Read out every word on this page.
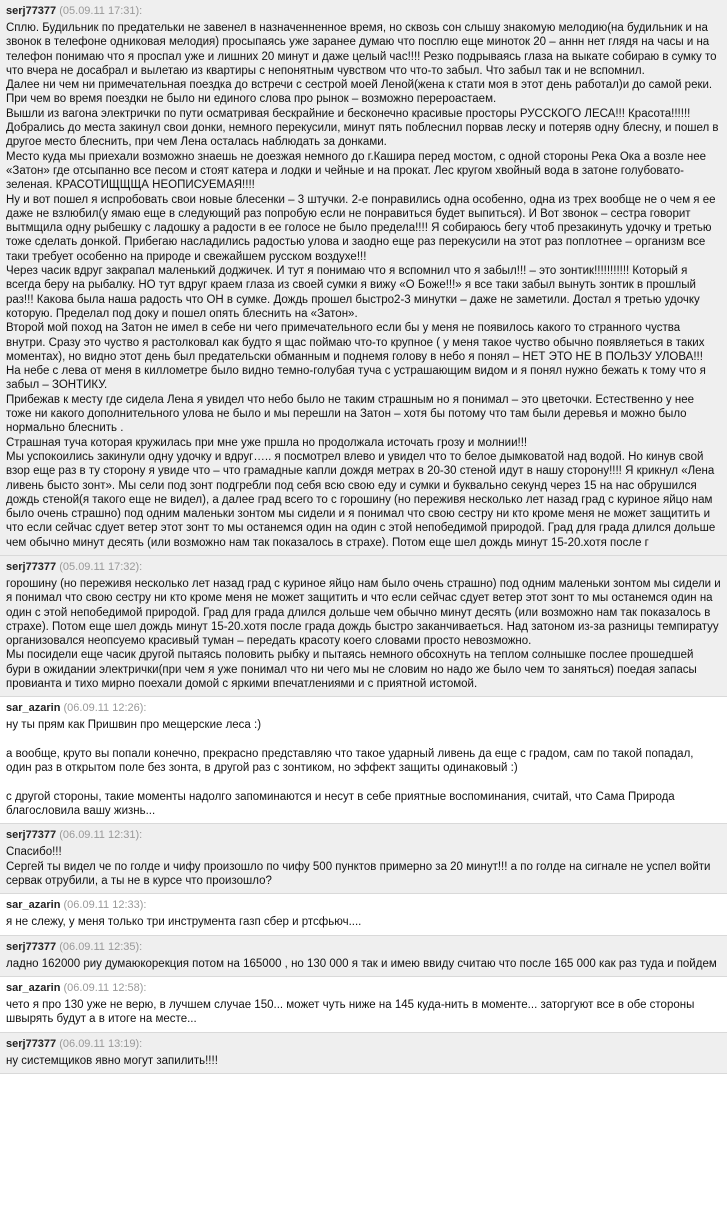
serj77377 (05.09.11 17:31):

Сплю. Будильник по предательки не завенел в назначенненное время, но сквозь сон слышу знакомую мелодию(на будильник и на звонок в телефоне одниковая мелодия) просыпаясь уже заранее думаю что посплю еще миноток 20 – аннн нет глядя на часы и на телефон понимаю что я проспал уже и лишних 20 минут и даже целый час!!!! Резко подрываясь глаза на выкате собираю в сумку то что вчера не досабрал и вылетаю из квартиры с непонятным чувством что что-то забыл. Что забыл так и не вспомнил.

Далее ни чем ни примечательная поездка до встречи с сестрой моей Леной(жена к стати моя в этот день работал)и до самой реки. При чем во время поездки не было ни единого слова про рынок – возможно перероастаем.

Вышли из вагона электрички по пути осматривая бескрайние и бесконечно красивые просторы РУССКОГО ЛЕСА!!! Красота!!!!!!

Добрались до места закинул свои донки, немного перекусили, минут пять поблеснил порвав леску и потеряв одну блесну, и пошел в другое место блеснить, при чем Лена осталась наблюдать за донками.

Место куда мы приехали возможно знаешь не доезжая немного до г.Кашира перед мостом, с одной стороны Река Ока а возле нее «Затон» где отсыпанно все песом и стоят катера и лодки и чейные и на прокат. Лес кругом хвойный вода в затоне голубовато-зеленая. КРАСОТИЩЩЩА НЕОПИСУЕМАЯ!!!!

Ну и вот пошел я испробовать свои новые блесенки – 3 штучки. 2-е понравились одна особенно, одна из трех вообще не о чем я ее даже не взлюбил(у ямаю еще в следующий раз попробую если не понравиться будет выпиться). И Вот звонок – сестра говорит вытмщила одну рыбешку с ладошку а радости в ее голосе не было предела!!!! Я собираюсь бегу чтоб презакинуть удочку и третью тоже сделать донкой. Прибегаю насладились радостью улова и заодно еще раз перекусили на этот раз поплотнее – организм все таки требует особенно на природе и свежайшем русском воздухе!!!

Через часик вдруг закрапал маленький доджичек. И тут я понимаю что я вспомнил что я забыл!!! – это зонтик!!!!!!!!!!! Который я всегда беру на рыбалку. НО тут вдруг краем глаза из своей сумки я вижу «О Боже!!!» я все таки забыл вынуть зонтик в прошлый раз!!! Какова была наша радость что ОН в сумке. Дождь прошел быстро2-3 минутки – даже не заметили. Достал я третью удочку которую. Пределал под доку и пошел опять блеснить на «Затон».

Второй мой поход на Затон не имел в себе ни чего примечательного если бы у меня не появилось какого то странного чуства внутри. Сразу это чуство я растолковал как будто я щас поймаю что-то крупное ( у меня такое чуство обычно появляеться в таких моментах), но видно этот день был предательски обманным и поднемя голову в небо я понял – НЕТ ЭТО НЕ В ПОЛЬЗУ УЛОВА!!!

На небе с лева от меня в киллометре было видно темно-голубая туча с устрашающим видом и я понял нужно бежать к тому что я забыл – ЗОНТИКУ.

Прибежав к месту где сидела Лена я увидел что небо было не таким страшным но я понимал – это цветочки. Естественно у нее тоже ни какого дополнительного улова не было и мы перешли на Затон – хотя бы потому что там были деревья и можно было нормально блеснить .

Страшная туча которая кружилась при мне уже пршла но продолжала источать грозу и молнии!!!

Мы успокоились закинули одну удочку и вдруг….. я посмотрел влево и увидел что то белое дымковатой над водой. Но кинув свой взор еще раз в ту сторону я увиде что – что грамадные капли дождя метрах в 20-30 стеной идут в нашу сторону!!!! Я крикнул «Лена ливень бысто зонт». Мы сели под зонт подгребли под себя всю свою еду и сумки и буквально секунд через 15 на нас обрушился дождь стеной(я такого еще не видел), а далее град всего то с горошину (но переживя несколько лет назад град с куриное яйцо нам было очень страшно) под одним маленьки зонтом мы сидели и я понимал что свою сестру ни кто кроме меня не может защитить и что если сейчас сдует ветер этот зонт то мы останемся один на один с этой непобедимой природой. Град для града длился дольше чем обычно минут десять (или возможно нам так показалось в страхе). Потом еще шел дождь минут 15-20.хотя после г

serj77377 (05.09.11 17:32):

горошину (но переживя несколько лет назад град с куриное яйцо нам было очень страшно) под одним маленьки зонтом мы сидели и я понимал что свою сестру ни кто кроме меня не может защитить и что если сейчас сдует ветер этот зонт то мы останемся один на один с этой непобедимой природой. Град для града длился дольше чем обычно минут десять (или возможно нам так показалось в страхе). Потом еще шел дождь минут 15-20.хотя после града дождь быстро заканчиваеться. Над затоном из-за разницы темпиратуу организовался неопсуемо красивый туман – передать красоту коего словами просто невозможно.

Мы посидели еще часик другой пытаясь половить рыбку и пытаясь немного обсохнуть на теплом солнышке послее прошедшей бури в ожидании электрички(при чем я уже понимал что ни чего мы не словим но надо же было чем то заняться) поедая запасы провианта и тихо мирно поехали домой с яркими впечатлениями и с приятной истомой.

sar_azarin (06.09.11 12:26):

ну ты прям как Пришвин про мещерские леса :)

а вообще, круто вы попали конечно, прекрасно представляю что такое ударный ливень да еще с градом, сам по такой попадал, один раз в открытом поле без зонта, в другой раз с зонтиком, но эффект защиты одинаковый :)

с другой стороны, такие моменты надолго запоминаются и несут в себе приятные воспоминания, считай, что Сама Природа благословила вашу жизнь...

serj77377 (06.09.11 12:31):

Спасибо!!!

Сергей ты видел че по голде и чифу произошло по чифу 500 пунктов примерно за 20 минут!!! а по голде на сигнале не успел войти сервак отрубили, а ты не в курсе что произошло?

sar_azarin (06.09.11 12:33):

я не слежу, у меня только три инструмента газп сбер и ртсфьюч....

serj77377 (06.09.11 12:35):

ладно 162000 риу думаюкорекция потом на 165000 , но 130 000 я так и имею ввиду считаю что после 165 000 как раз туда и пойдем

sar_azarin (06.09.11 12:58):

чето я про 130 уже не верю, в лучшем случае 150... может чуть ниже на 145 куда-нить в моменте... заторгуют все в обе стороны швырять будут а в итоге на месте...

serj77377 (06.09.11 13:19):

ну системщиков явно могут запилить!!!!
